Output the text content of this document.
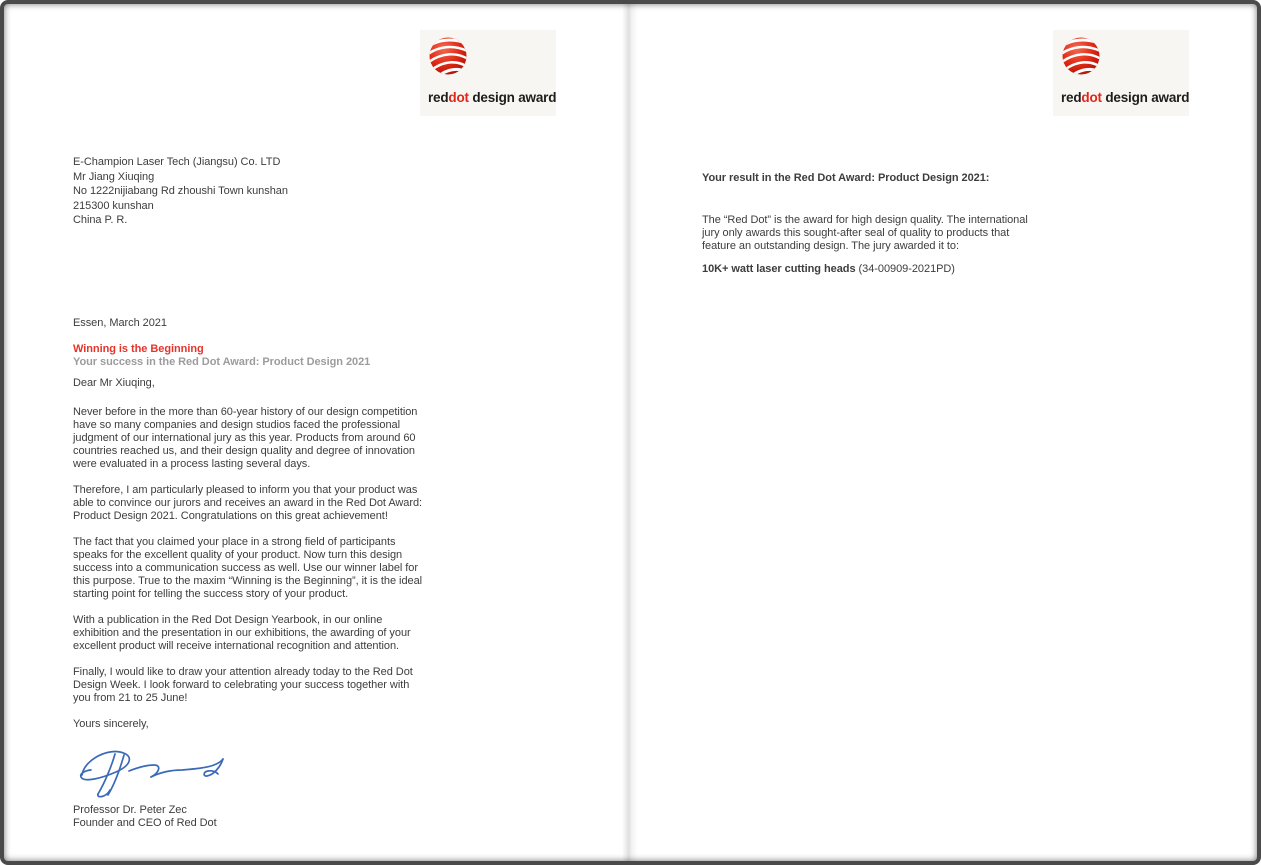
reddot design award
E-Champion Laser Tech (Jiangsu) Co. LTD
Mr Jiang Xiuqing
No 1222nijiabang Rd zhoushi Town kunshan
215300 kunshan
China P. R.
Essen, March 2021
Winning is the Beginning
Your success in the Red Dot Award: Product Design 2021
Dear Mr Xiuqing,

Never before in the more than 60-year history of our design competition have so many companies and design studios faced the professional judgment of our international jury as this year. Products from around 60 countries reached us, and their design quality and degree of innovation were evaluated in a process lasting several days.

Therefore, I am particularly pleased to inform you that your product was able to convince our jurors and receives an award in the Red Dot Award: Product Design 2021. Congratulations on this great achievement!

The fact that you claimed your place in a strong field of participants speaks for the excellent quality of your product. Now turn this design success into a communication success as well. Use our winner label for this purpose. True to the maxim “Winning is the Beginning”, it is the ideal starting point for telling the success story of your product.

With a publication in the Red Dot Design Yearbook, in our online exhibition and the presentation in our exhibitions, the awarding of your excellent product will receive international recognition and attention.

Finally, I would like to draw your attention already today to the Red Dot Design Week. I look forward to celebrating your success together with you from 21 to 25 June!

Yours sincerely,

Professor Dr. Peter Zec
Founder and CEO of Red Dot
reddot design award
Your result in the Red Dot Award: Product Design 2021:
The “Red Dot” is the award for high design quality. The international jury only awards this sought-after seal of quality to products that feature an outstanding design. The jury awarded it to:
10K+ watt laser cutting heads (34-00909-2021PD)
